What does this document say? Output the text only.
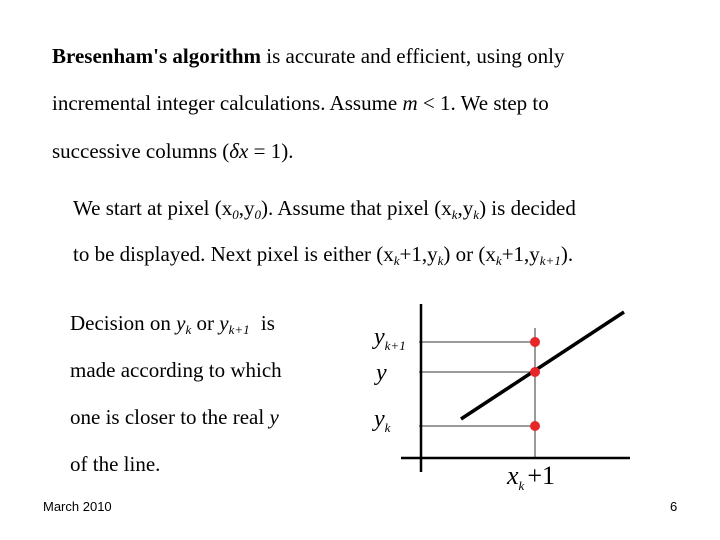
Bresenham's algorithm is accurate and efficient, using only
incremental integer calculations. Assume m < 1. We step to
successive columns (δx = 1).
We start at pixel $(x_0,y_0)$. Assume that pixel $(x_k,y_k)$ is decided
to be displayed. Next pixel is either $(x_k+1,y_k)$ or $(x_k+1,y_{k+1})$.
Decision on $y_k$ or $y_{k+1}$ is
made according to which
one is closer to the real y
of the line.
$y_{k+1}$
y
$y_k$
$x_k +1$
March 2010	6
